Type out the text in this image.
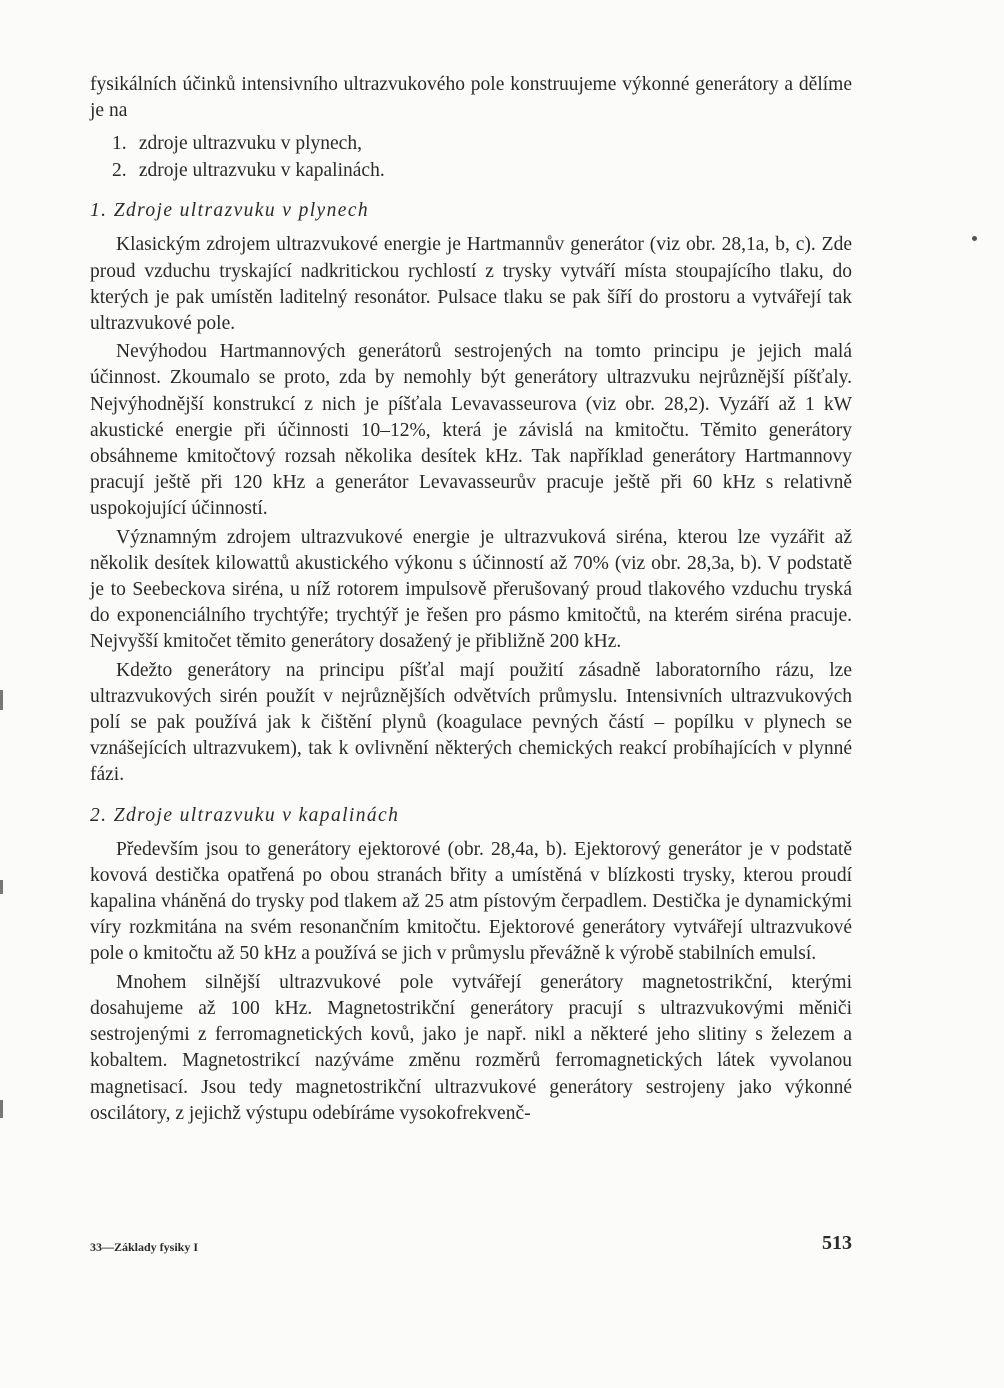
fysikálních účinků intensivního ultrazvukového pole konstruujeme výkonné generátory a dělíme je na

1. zdroje ultrazvuku v plynech,
2. zdroje ultrazvuku v kapalinách.
1. Zdroje ultrazvuku v plynech

Klasickým zdrojem ultrazvukové energie je Hartmannův generátor (viz obr. 28,1a, b, c). Zde proud vzduchu tryskající nadkritickou rychlostí z trysky vytváří místa stoupajícího tlaku, do kterých je pak umístěn laditelný resonátor. Pulsace tlaku se pak šíří do prostoru a vytvářejí tak ultrazvukové pole.

Nevýhodou Hartmannových generátorů sestrojených na tomto principu je jejich malá účinnost. Zkoumalo se proto, zda by nemohly být generátory ultrazvuku nejrůznější píšťaly. Nejvýhodnější konstrukcí z nich je píšťala Levavasseurova (viz obr. 28,2). Vyzáří až 1 kW akustické energie při účinnosti 10–12%, která je závislá na kmitočtu. Těmito generátory obsáhneme kmitočtový rozsah několika desítek kHz. Tak například generátory Hartmannovy pracují ještě při 120 kHz a generátor Levavasseurův pracuje ještě při 60 kHz s relativně uspokojující účinností.

Významným zdrojem ultrazvukové energie je ultrazvuková siréna, kterou lze vyzářit až několik desítek kilowattů akustického výkonu s účinností až 70% (viz obr. 28,3a, b). V podstatě je to Seebeckova siréna, u níž rotorem impulsově přerušovaný proud tlakového vzduchu tryská do exponenciálního trychtýře; trychtýř je řešen pro pásmo kmitočtů, na kterém siréna pracuje. Nejvyšší kmitočet těmito generátory dosažený je přibližně 200 kHz.

Kdežto generátory na principu píšťal mají použití zásadně laboratorního rázu, lze ultrazvukových sirén použít v nejrůznějších odvětvích průmyslu. Intensivních ultrazvukových polí se pak používá jak k čištění plynů (koagulace pevných částí – popílku v plynech se vznášejících ultrazvukem), tak k ovlivnění některých chemických reakcí probíhajících v plynné fázi.

2. Zdroje ultrazvuku v kapalinách

Především jsou to generátory ejektorové (obr. 28,4a, b). Ejektorový generátor je v podstatě kovová destička opatřená po obou stranách břity a umístěná v blízkosti trysky, kterou proudí kapalina vháněná do trysky pod tlakem až 25 atm pístovým čerpadlem. Destička je dynamickými víry rozkmitána na svém resonančním kmitočtu. Ejektorové generátory vytvářejí ultrazvukové pole o kmitočtu až 50 kHz a používá se jich v průmyslu převážně k výrobě stabilních emulsí.

Mnohem silnější ultrazvukové pole vytvářejí generátory magnetostrikční, kterými dosahujeme až 100 kHz. Magnetostrikční generátory pracují s ultrazvukovými měniči sestrojenými z ferromagnetických kovů, jako je např. nikl a některé jeho slitiny s železem a kobaltem. Magnetostrikcí nazýváme změnu rozměrů ferromagnetických látek vyvolanou magnetisací. Jsou tedy magnetostrikční ultrazvukové generátory sestrojeny jako výkonné oscilátory, z jejichž výstupu odebíráme vysokofrekvenč-

33—Základy fysiky I	513
